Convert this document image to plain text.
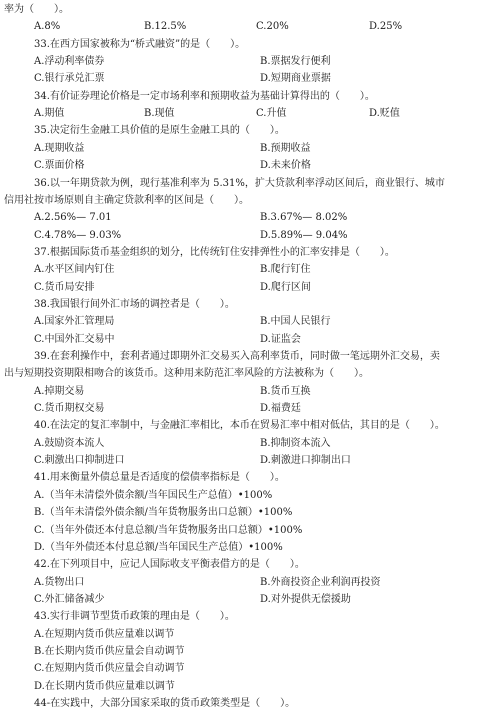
率为（　　）。
A.8%	B.12.5%	C.20%	D.25%
33.在西方国家被称为“桥式融资”的是（　　）。
A.浮动利率债券	B.票据发行便利
C.银行承兑汇票	D.短期商业票据
34.有价证券理论价格是一定市场利率和预期收益为基础计算得出的（　　）。
A.期值	B.现值	C.升值	D.贬值
35.决定衍生金融工具价值的是原生金融工具的（　　）。
A.现期收益	B.预期收益
C.票面价格	D.未来价格
36.以一年期贷款为例，现行基准利率为 5.31%，扩大贷款利率浮动区间后，商业银行、城市
信用社按市场原则自主确定贷款利率的区间是（　　）。
A.2.56%— 7.01	B.3.67%— 8.02%
C.4.78%— 9.03%	D.5.89%— 9.04%
37.根据国际货币基金组织的划分，比传统钉住安排弹性小的汇率安排是（　　）。
A.水平区间内钉住	B.爬行钉住
C.货币局安排	D.爬行区间
38.我国银行间外汇市场的调控者是（　　）。
A.国家外汇管理局	B.中国人民银行
C.中国外汇交易中	D.证监会
39.在套利操作中，套利者通过即期外汇交易买入高利率货币，同时做一笔远期外汇交易，卖
出与短期投资期限相吻合的该货币。这种用来防范汇率风险的方法被称为（　　）。
A.掉期交易	B.货币互换
C.货币期权交易	D.福费廷
40.在法定的复汇率制中，与金融汇率相比，本币在贸易汇率中相对低估，其目的是（　　）。
A.鼓励资本流人	B.抑制资本流入
C.刺激出口抑制进口	D.刺激进口抑制出口
41.用来衡量外债总量是否适度的偿债率指标是（　　）。
A.（当年未清偿外债余额/当年国民生产总值）•100%
B.（当年未清偿外债余额/当年货物服务出口总额）•100%
C.（当年外债还本付息总额/当年货物服务出口总额）•100%
D.（当年外债还本付息总额/当年国民生产总值）•100%
42.在下列项目中，应记人国际收支平衡表借方的是（　　）。
A.货物出口	B.外商投资企业利润再投资
C.外汇储备减少	D.对外提供无偿援助
43.实行非调节型货币政策的理由是（　　）。
A.在短期内货币供应量难以调节
B.在长期内货币供应量会自动调节
C.在短期内货币供应量会自动调节
D.在长期内货币供应量难以调节
44-在实践中，大部分国家采取的货币政策类型是（　　）。
